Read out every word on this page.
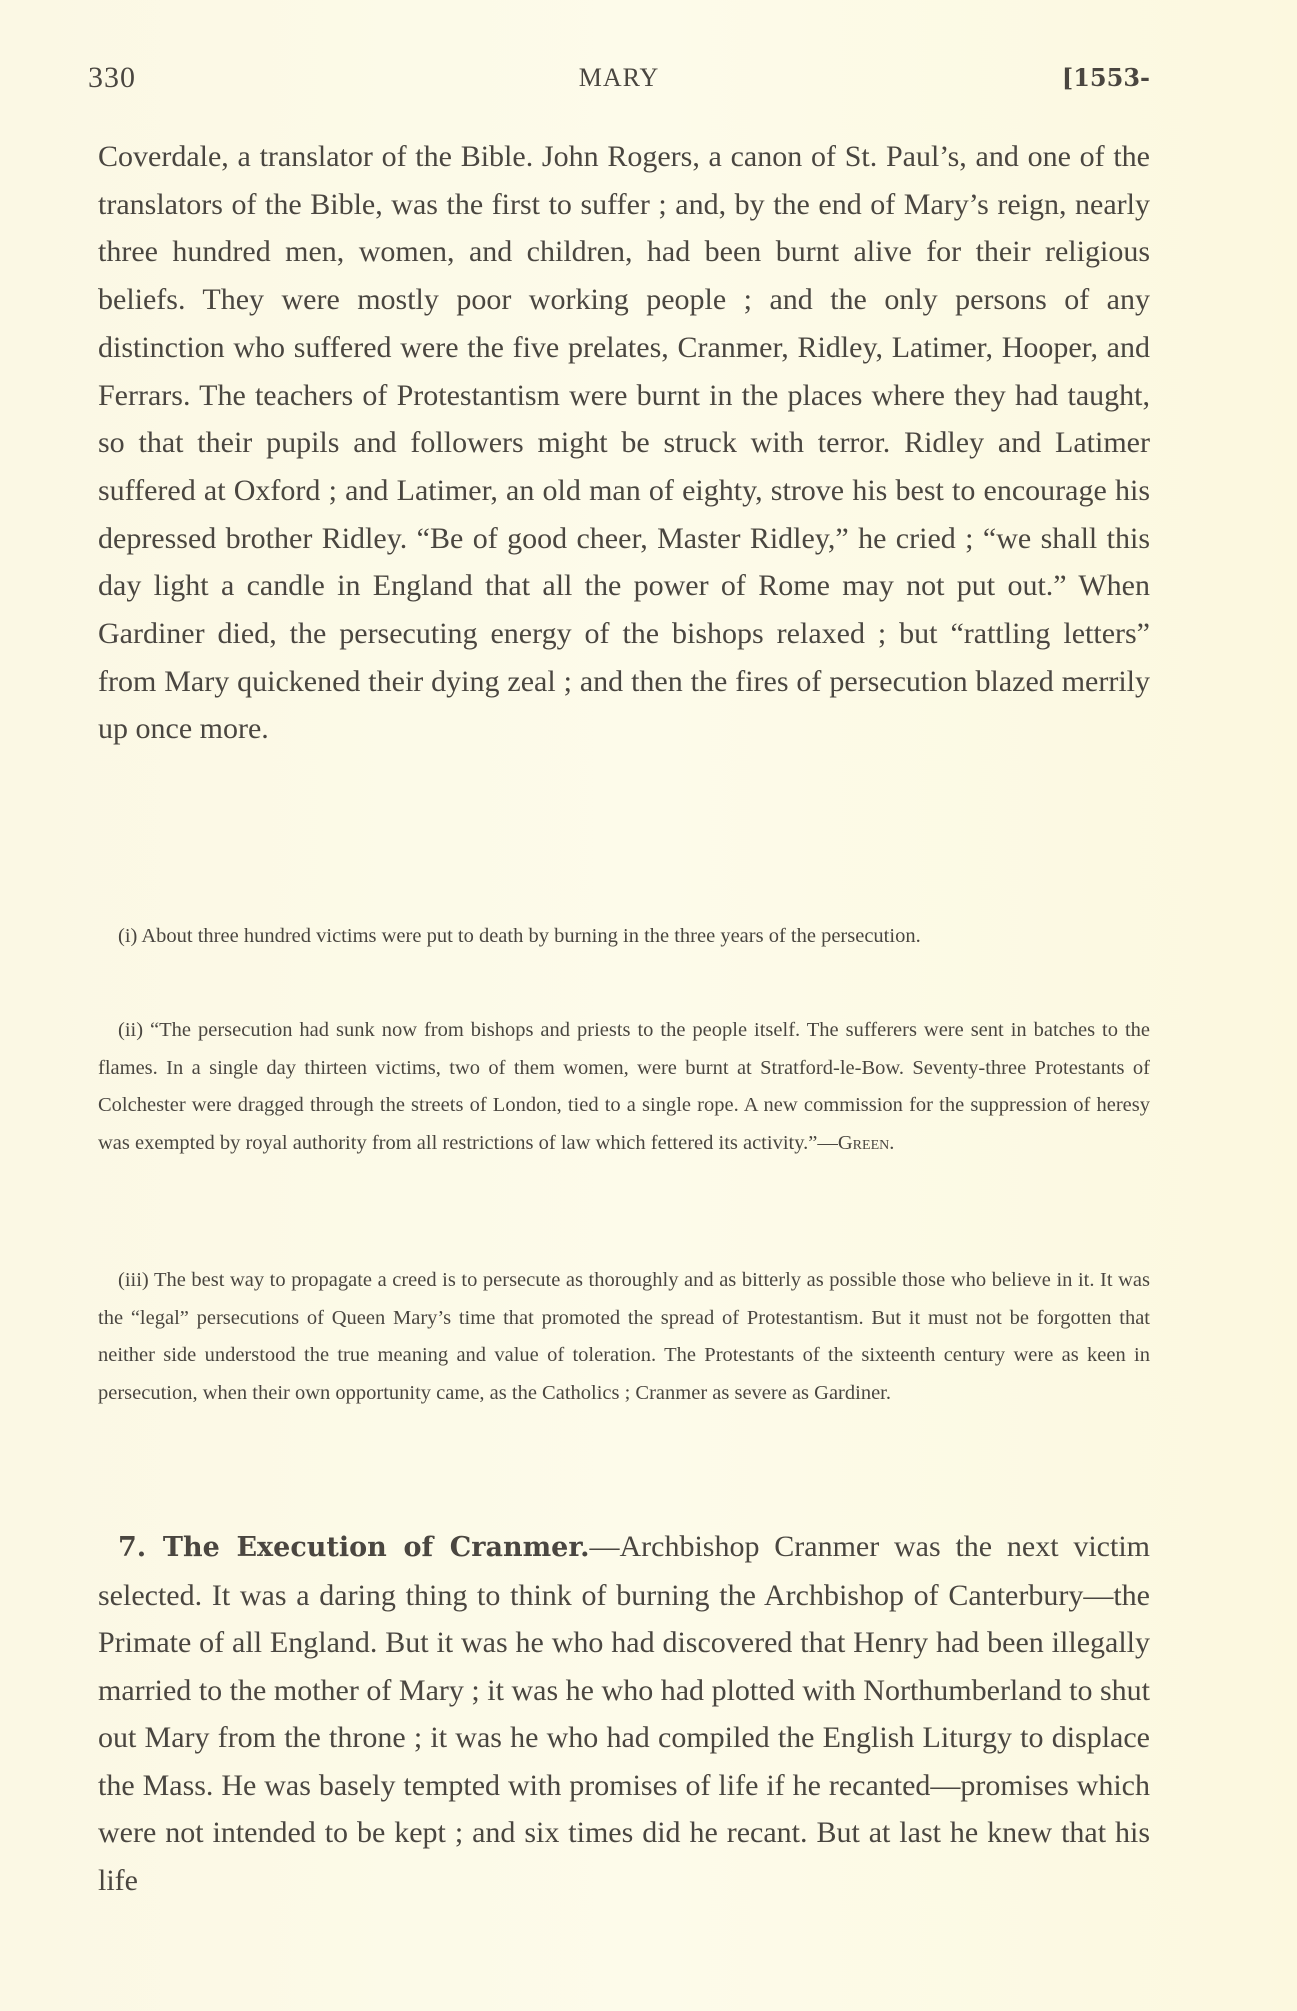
330	MARY	[1553-

Coverdale, a translator of the Bible. John Rogers, a canon of St. Paul’s, and one of the translators of the Bible, was the first to suffer ; and, by the end of Mary’s reign, nearly three hundred men, women, and children, had been burnt alive for their religious beliefs. They were mostly poor working people ; and the only persons of any distinction who suffered were the five prelates, Cranmer, Ridley, Latimer, Hooper, and Ferrars. The teachers of Protestantism were burnt in the places where they had taught, so that their pupils and followers might be struck with terror. Ridley and Latimer suffered at Oxford ; and Latimer, an old man of eighty, strove his best to encourage his depressed brother Ridley. “Be of good cheer, Master Ridley,” he cried ; “we shall this day light a candle in England that all the power of Rome may not put out.” When Gardiner died, the persecuting energy of the bishops relaxed ; but “rattling letters” from Mary quickened their dying zeal ; and then the fires of persecution blazed merrily up once more.

(i) About three hundred victims were put to death by burning in the three years of the persecution.

(ii) “The persecution had sunk now from bishops and priests to the people itself. The sufferers were sent in batches to the flames. In a single day thirteen victims, two of them women, were burnt at Stratford-le-Bow. Seventy-three Protestants of Colchester were dragged through the streets of London, tied to a single rope. A new commission for the suppression of heresy was exempted by royal authority from all restrictions of law which fettered its activity.”—Green.

(iii) The best way to propagate a creed is to persecute as thoroughly and as bitterly as possible those who believe in it. It was the “legal” persecutions of Queen Mary’s time that promoted the spread of Protestantism. But it must not be forgotten that neither side understood the true meaning and value of toleration. The Protestants of the sixteenth century were as keen in persecution, when their own opportunity came, as the Catholics ; Cranmer as severe as Gardiner.

7. The Execution of Cranmer.—Archbishop Cranmer was the next victim selected. It was a daring thing to think of burning the Archbishop of Canterbury—the Primate of all England. But it was he who had discovered that Henry had been illegally married to the mother of Mary ; it was he who had plotted with Northumberland to shut out Mary from the throne ; it was he who had compiled the English Liturgy to displace the Mass. He was basely tempted with promises of life if he recanted—promises which were not intended to be kept ; and six times did he recant. But at last he knew that his life
